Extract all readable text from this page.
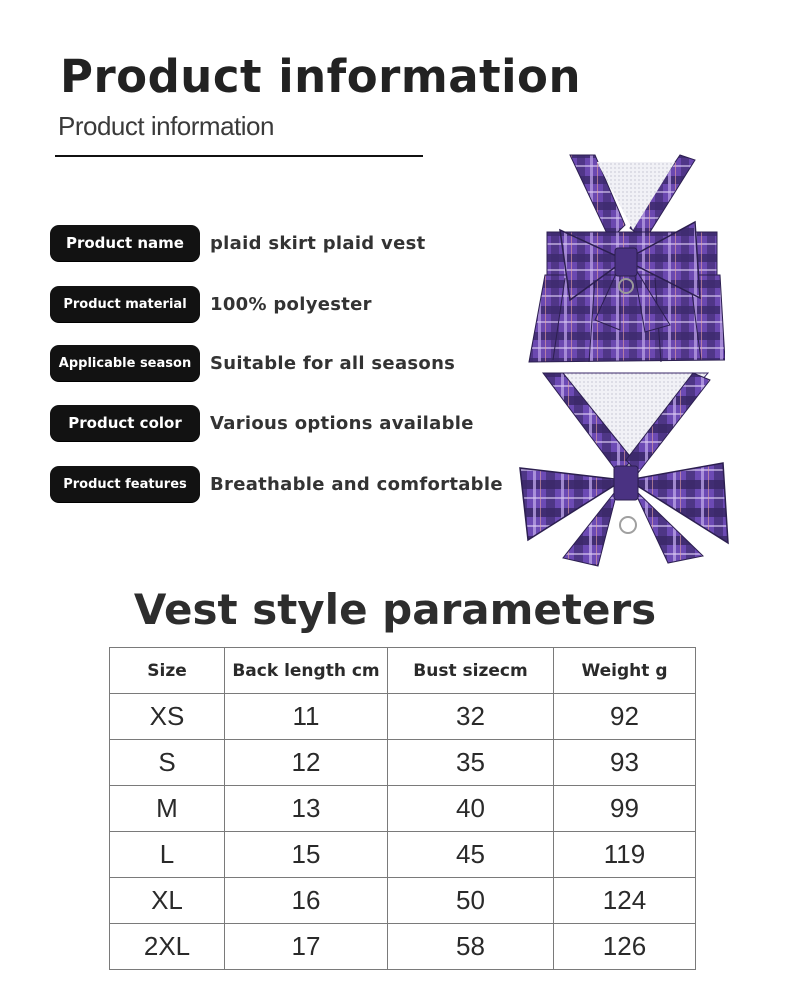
Product information
Product information
Product name	plaid skirt plaid vest
Product material	100% polyester
Applicable season	Suitable for all seasons
Product color	Various options available
Product features	Breathable and comfortable
Vest style parameters
Size	Back length cm	Bust sizecm	Weight g
XS	11	32	92
S	12	35	93
M	13	40	99
L	15	45	119
XL	16	50	124
2XL	17	58	126
